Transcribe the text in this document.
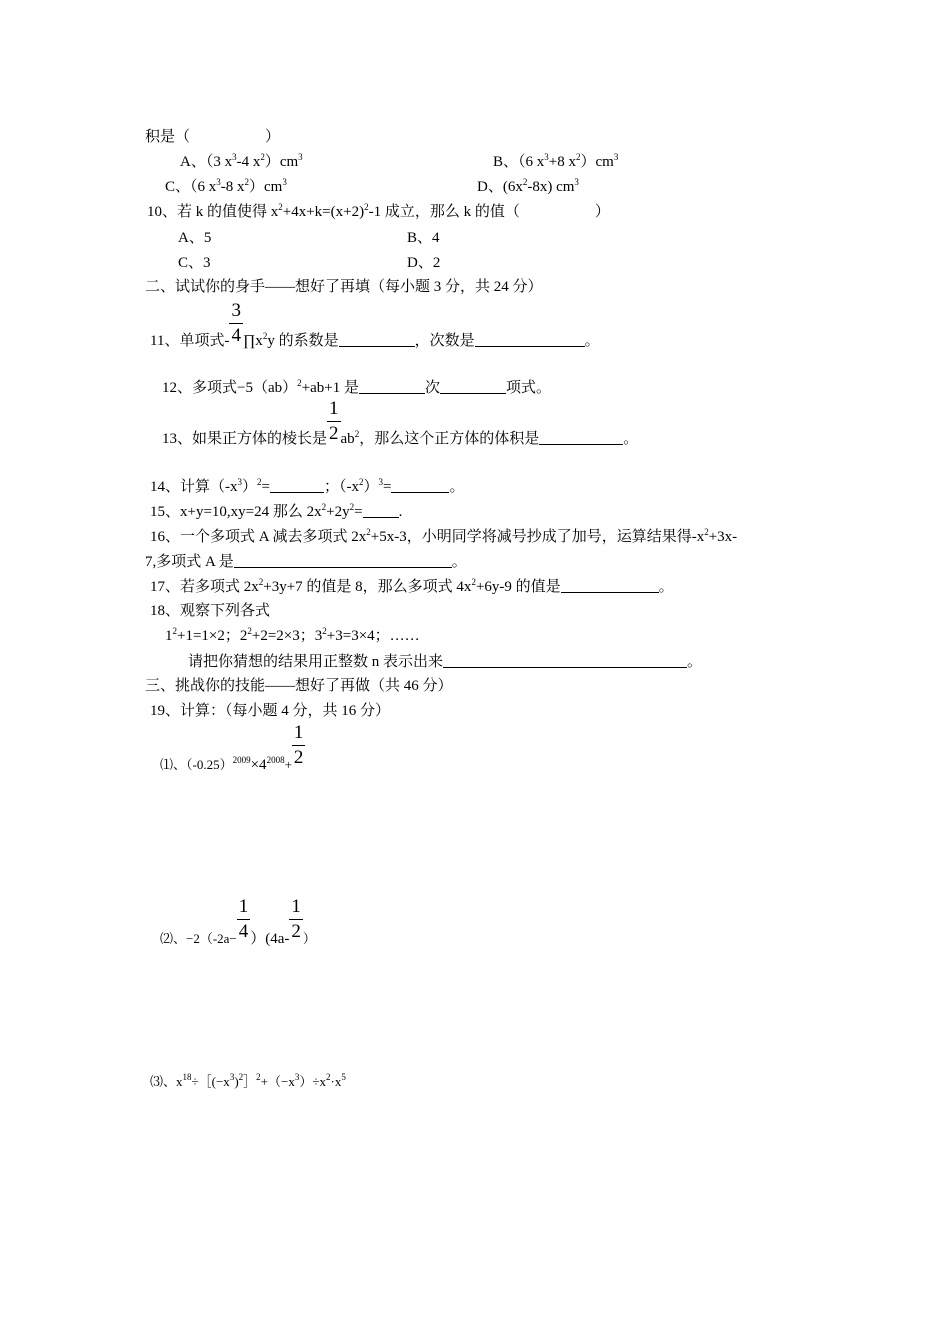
积是（　　　　　）
A、（3 $x^3-4$ $x^2)cm^3$	B、（6 $x^3+8$ $x^2)cm^3$
C、（6 $x^3-8$ $x^2)cm^3$	D、$(6x^2-8x)$ $cm^3$
10、若 k 的值使得 $x^2+4x+k=(x+2)^2-1$ 成立，那么 k 的值（　　　　　）
A、5	B、4
C、3	D、2
二、试试你的身手——想好了再填（每小题 3 分，共 24 分）
11、单项式- $\frac{3}{4}$ $\prod x^2y$ 的系数是	，次数是	。
12、多项式−5（ab）$^2$+ab+1 是	次	项式。
13、如果正方体的棱长是 $\frac{1}{2} ab^2$，那么这个正方体的体积是	。
14、计算$(-x^3)^2=$	；$(-x^2)^3=$	。
15、x+y=10,xy=24 那么 $2x^2+2y^2=$ .
16、一个多项式 A 减去多项式 $2x^2+5x-3$，小明同学将减号抄成了加号，运算结果得$-x^2+3x-$
7,多项式 A 是	。
17、若多项式 $2x^2+3y+7$ 的值是 8，那么多项式 $4x^2+6y-9$ 的值是	。
18、观察下列各式
$1^2+1=1\times 2$；$2^2+2=2\times 3$；$3^2+3=3\times 4$；……
请把你猜想的结果用正整数 n 表示出来	。
三、挑战你的技能——想好了再做（共 46 分）
19、计算：（每小题 4 分，共 16 分）
⑴、$(-0.25)^{2009}\times 4^{2008}+ \frac{1}{2}$
⑵、$-2(-2a- \frac{1}{4} )(4a- \frac{1}{2}$ ）
⑶、$x^{18}\div[(-x^3)^2]^2+(-x^3)\div x^2\cdot x^5$
